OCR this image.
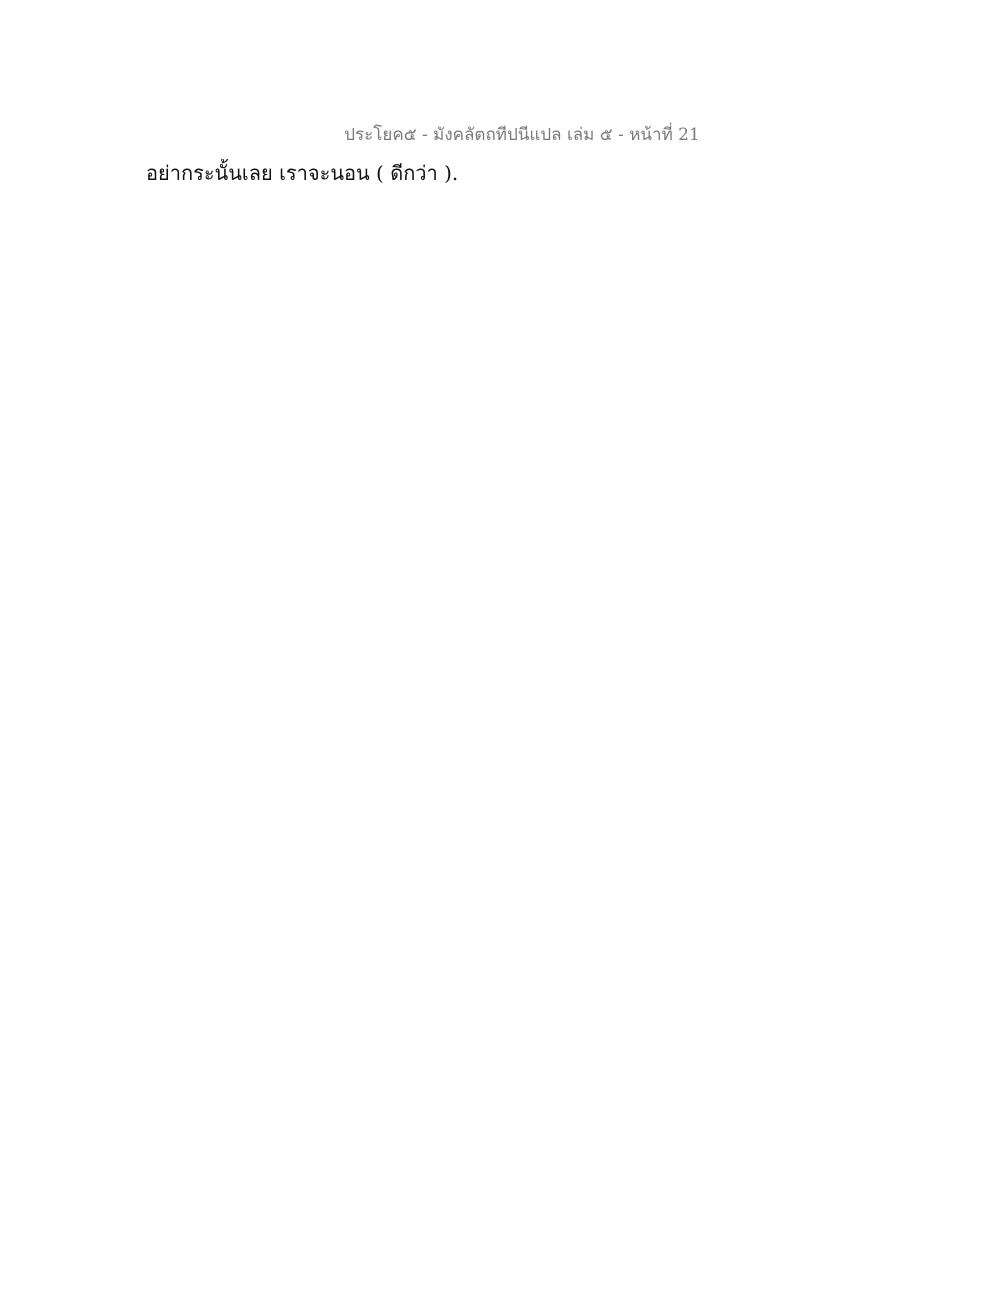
ประโยค๕ - มังคลัตถทีปนีแปล เล่ม ๕ - หน้าที่ 21
อย่ากระนั้นเลย เราจะนอน ( ดีกว่า ).
